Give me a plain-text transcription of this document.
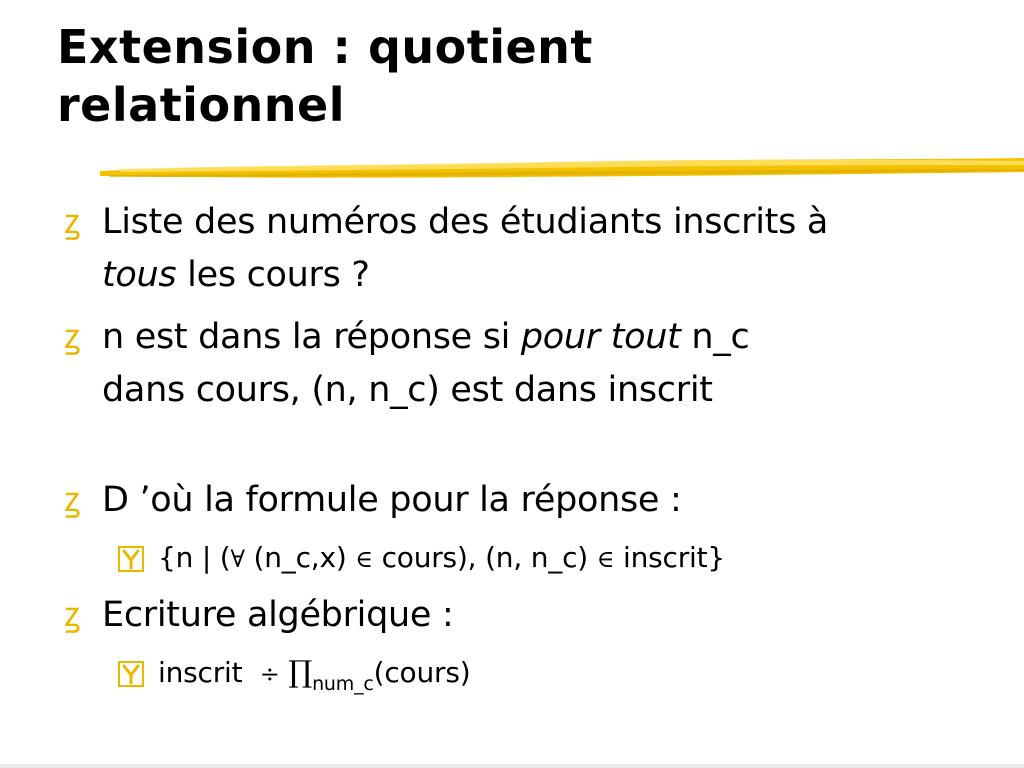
Extension : quotient
relationnel
ꙁ Liste des numéros des étudiants inscrits à
tous les cours ?
ꙁ n est dans la réponse si pour tout n_c
dans cours, (n, n_c) est dans inscrit
ꙁ D ’où la formule pour la réponse :
{n | (∀ (n_c,x) ∈ cours), (n, n_c) ∈ inscrit}
ꙁ Ecriture algébrique :
inscrit  ÷ $\prod_{num\_c}(cours)$
